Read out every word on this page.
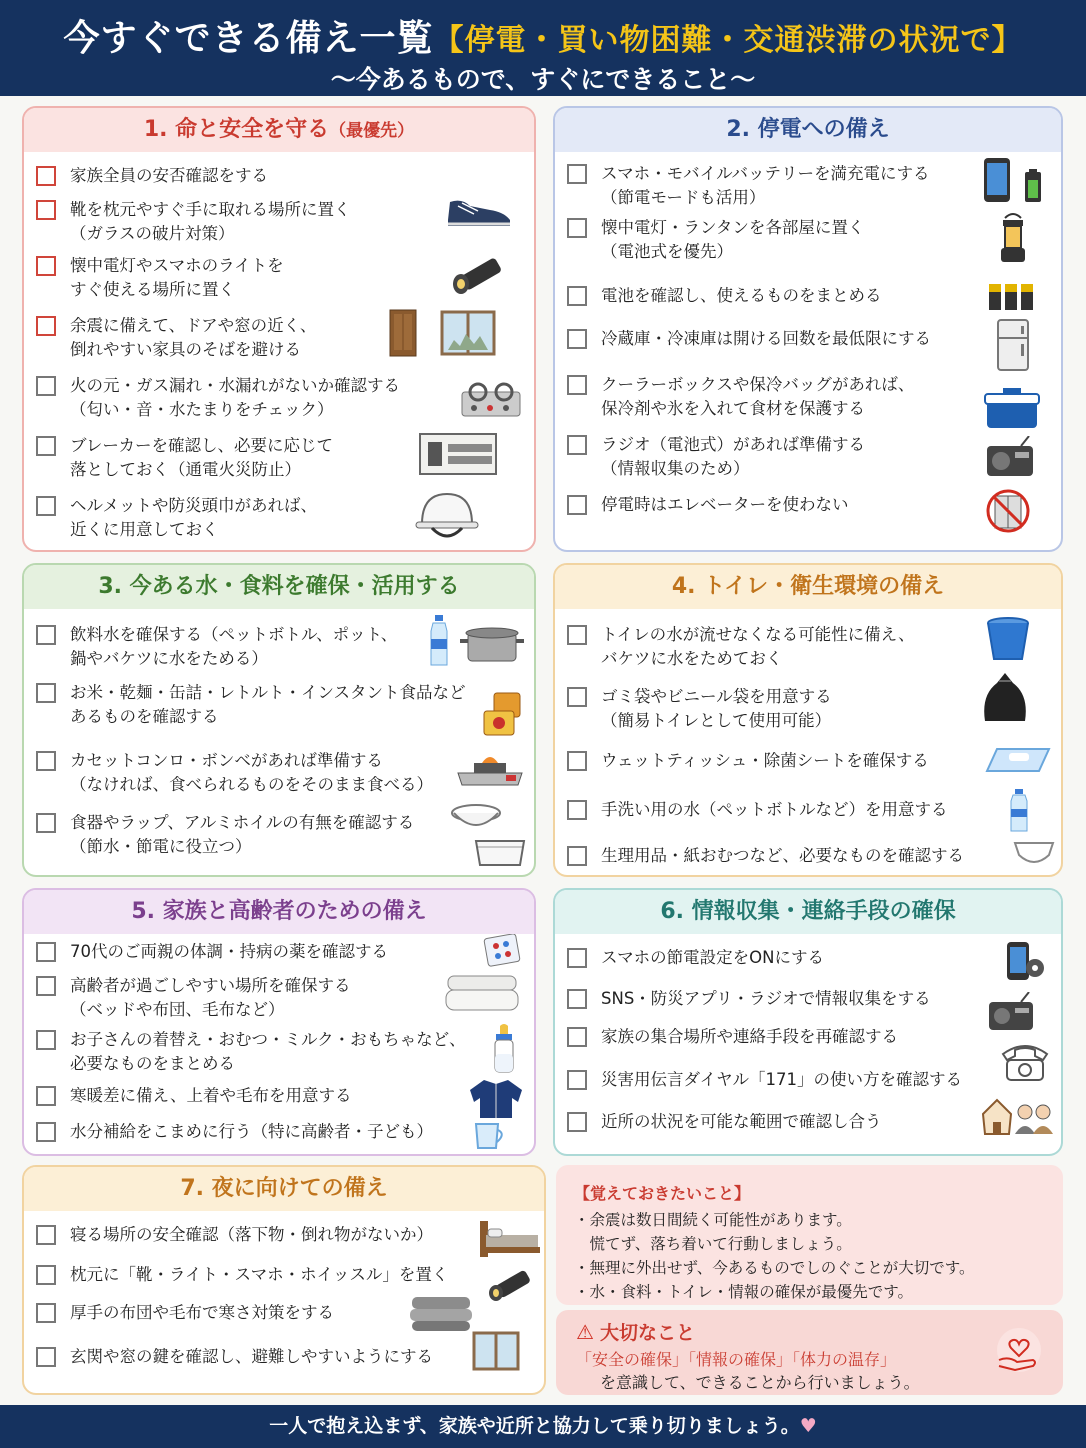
今すぐできる備え一覧【停電・買い物困難・交通渋滞の状況で】
～今あるもので、すぐにできること～
1. 命と安全を守る（最優先）
家族全員の安否確認をする
靴を枕元やすぐ手に取れる場所に置く
（ガラスの破片対策）
懐中電灯やスマホのライトを
すぐ使える場所に置く
余震に備えて、ドアや窓の近く、
倒れやすい家具のそばを避ける
火の元・ガス漏れ・水漏れがないか確認する
（匂い・音・水たまりをチェック）
ブレーカーを確認し、必要に応じて
落としておく（通電火災防止）
ヘルメットや防災頭巾があれば、
近くに用意しておく
2. 停電への備え
スマホ・モバイルバッテリーを満充電にする
（節電モードも活用）
懐中電灯・ランタンを各部屋に置く
（電池式を優先）
電池を確認し、使えるものをまとめる
冷蔵庫・冷凍庫は開ける回数を最低限にする
クーラーボックスや保冷バッグがあれば、
保冷剤や氷を入れて食材を保護する
ラジオ（電池式）があれば準備する
（情報収集のため）
停電時はエレベーターを使わない
3. 今ある水・食料を確保・活用する
飲料水を確保する（ペットボトル、ポット、
鍋やバケツに水をためる）
お米・乾麺・缶詰・レトルト・インスタント食品など
あるものを確認する
カセットコンロ・ボンベがあれば準備する
（なければ、食べられるものをそのまま食べる）
食器やラップ、アルミホイルの有無を確認する
（節水・節電に役立つ）
4. トイレ・衛生環境の備え
トイレの水が流せなくなる可能性に備え、
バケツに水をためておく
ゴミ袋やビニール袋を用意する
（簡易トイレとして使用可能）
ウェットティッシュ・除菌シートを確保する
手洗い用の水（ペットボトルなど）を用意する
生理用品・紙おむつなど、必要なものを確認する
5. 家族と高齢者のための備え
70代のご両親の体調・持病の薬を確認する
高齢者が過ごしやすい場所を確保する
（ベッドや布団、毛布など）
お子さんの着替え・おむつ・ミルク・おもちゃなど、
必要なものをまとめる
寒暖差に備え、上着や毛布を用意する
水分補給をこまめに行う（特に高齢者・子ども）
6. 情報収集・連絡手段の確保
スマホの節電設定をONにする
SNS・防災アプリ・ラジオで情報収集をする
家族の集合場所や連絡手段を再確認する
災害用伝言ダイヤル「171」の使い方を確認する
近所の状況を可能な範囲で確認し合う
7. 夜に向けての備え
寝る場所の安全確認（落下物・倒れ物がないか）
枕元に「靴・ライト・スマホ・ホイッスル」を置く
厚手の布団や毛布で寒さ対策をする
玄関や窓の鍵を確認し、避難しやすいようにする
【覚えておきたいこと】
・余震は数日間続く可能性があります。
　慌てず、落ち着いて行動しましょう。
・無理に外出せず、今あるものでしのぐことが大切です。
・水・食料・トイレ・情報の確保が最優先です。
⚠ 大切なこと
「安全の確保」「情報の確保」「体力の温存」
を意識して、できることから行いましょう。
一人で抱え込まず、家族や近所と協力して乗り切りましょう。♥
